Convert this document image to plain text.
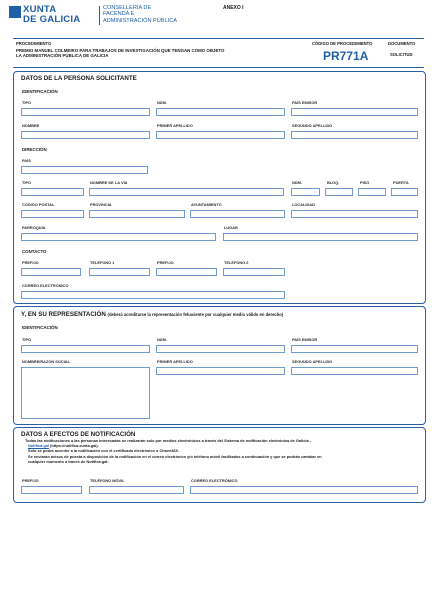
XUNTA
DE GALICIA
CONSELLERÍA DE
FACENDA E
ADMINISTRACIÓN PÚBLICA
ANEXO I
PROCEDIMIENTO
PREMIO MANUEL COLMEIRO PARA TRABAJOS DE INVESTIGACIÓN QUE TENGAN COMO OBJETO
LA ADMINISTRACIÓN PÚBLICA DE GALICIA
CÓDIGO DE PROCEDIMIENTO
PR771A
DOCUMENTO
SOLICITUD
DATOS DE LA PERSONA SOLICITANTE
IDENTIFICACIÓN
TIPO	NÚM.	PAÍS EMISOR
NOMBRE	PRIMER APELLIDO	SEGUNDO APELLIDO
DIRECCIÓN
PAÍS
TIPO	NOMBRE DE LA VÍA	NÚM.	BLOQ.	PISO	PUERTA
CÓDIGO POSTAL	PROVINCIA	AYUNTAMIENTO	LOCALIDAD
PARROQUIA	LUGAR
CONTACTO
PREFIJO	TELÉFONO 1	PREFIJO	TELÉFONO 2
CORREO ELECTRÓNICO
Y, EN SU REPRESENTACIÓN (deberá acreditarse la representación fehaciente por cualquier medio válido en derecho)
IDENTIFICACIÓN
TIPO	NÚM.	PAÍS EMISOR
NOMBRE/RAZÓN SOCIAL	PRIMER APELLIDO	SEGUNDO APELLIDO
DATOS A EFECTOS DE NOTIFICACIÓN
Todas las notificaciones a las personas interesadas se realizarán solo por medios electrónicos a través del Sistema de notificación electrónica de Galicia -
Notifica.gal (https://notifica.xunta.gal).
Solo se podrá acceder a la notificación con el certificado electrónico o Chave365.
Se enviarán avisos de puesta a disposición de la notificación en el correo electrónico y/o teléfono móvil facilitados a continuación y que se podrán cambiar en
cualquier momento a través de Notifica.gal:
PREFIJO	TELÉFONO MÓVIL	CORREO ELECTRÓNICO
